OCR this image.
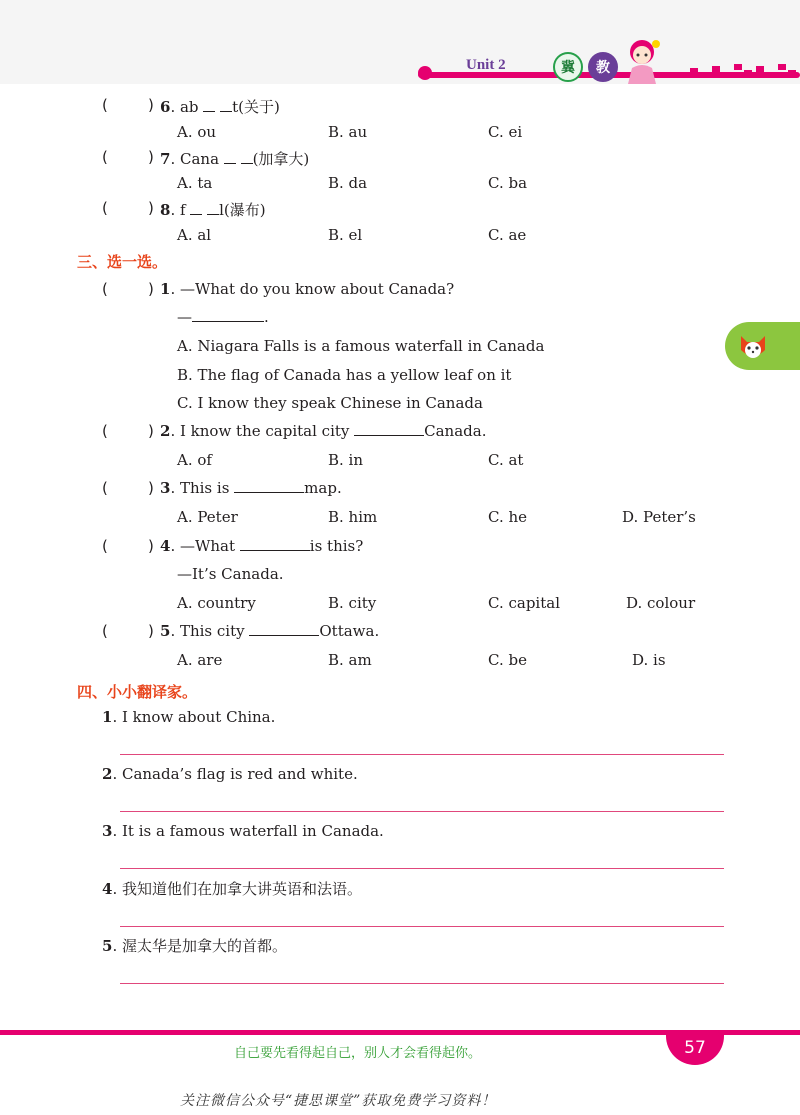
Unit 2	冀	教
(	) 6. ab t(关于)
A. ou	B. au	C. ei
(	) 7. Cana (加拿大)
A. ta	B. da	C. ba
(	) 8. f l(瀑布)
A. al	B. el	C. ae
三、选一选。
(	) 1. —What do you know about Canada?
—	.
A. Niagara Falls is a famous waterfall in Canada
B. The flag of Canada has a yellow leaf on it
C. I know they speak Chinese in Canada
(	) 2. I know the capital city	Canada.
A. of	B. in	C. at
(	) 3. This is	map.
A. Peter	B. him	C. he	D. Peter’s
(	) 4. —What	is this?
—It’s Canada.
A. country	B. city	C. capital	D. colour
(	) 5. This city	Ottawa.
A. are	B. am	C. be	D. is
四、小小翻译家。
1. I know about China.
2. Canada’s flag is red and white.
3. It is a famous waterfall in Canada.
4. 我知道他们在加拿大讲英语和法语。
5. 渥太华是加拿大的首都。
自己要先看得起自己，别人才会看得起你。	57
关注微信公众号“捷思课堂”获取免费学习资料！
